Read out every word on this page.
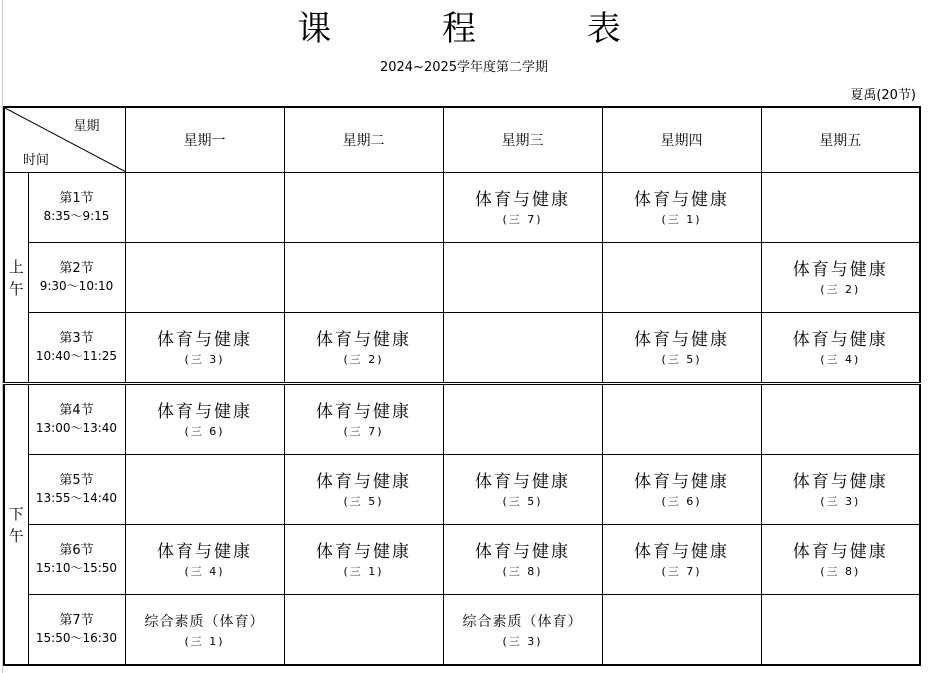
课 程 表
2024~2025学年度第二学期
夏禹(20节)
星期
时间		星期一	星期二	星期三	星期四	星期五

上
午	第1节
8:35～9:15			体育与健康
(三 7)	体育与健康
(三 1)	

	第2节
9:30～10:10					体育与健康
(三 2)

	第3节
10:40～11:25	体育与健康
(三 3)	体育与健康
(三 2)		体育与健康
(三 5)	体育与健康
(三 4)

下
午	第4节
13:00～13:40	体育与健康
(三 6)	体育与健康
(三 7)			

	第5节
13:55～14:40		体育与健康
(三 5)	体育与健康
(三 5)	体育与健康
(三 6)	体育与健康
(三 3)

	第6节
15:10～15:50	体育与健康
(三 4)	体育与健康
(三 1)	体育与健康
(三 8)	体育与健康
(三 7)	体育与健康
(三 8)

	第7节
15:50～16:30	综合素质（体育）
(三 1)		综合素质（体育）
(三 3)		
